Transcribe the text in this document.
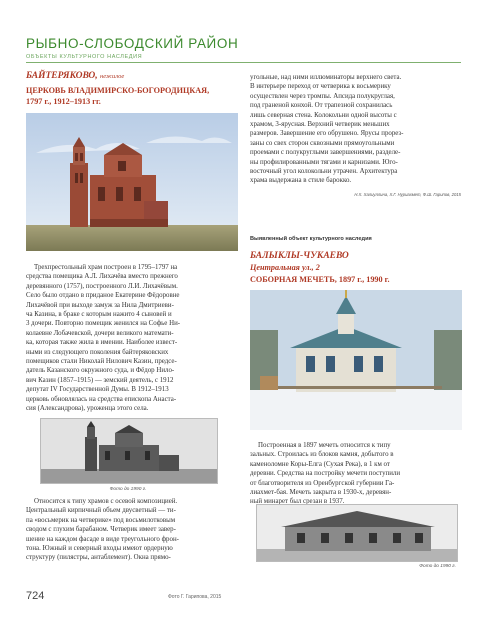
РЫБНО-СЛОБОДСКИЙ РАЙОН
ОБЪЕКТЫ КУЛЬТУРНОГО НАСЛЕДИЯ
БАЙТЕРЯКОВО, нежилое
ЦЕРКОВЬ ВЛАДИМИРСКО-БОГОРОДИЦКАЯ,
1797 г., 1912–1913 гг.
угольные, над ними иллюминаторы верхнего света.
В интерьере переход от четверика к восьмерику
осуществлен через тромпы. Апсида полукруглая,
под граненой конхой. От трапезной сохранилась
лишь северная стена. Колокольни одной высоты с
храмом, 3-ярусная. Верхний четверик меньших
размеров. Завершение его обрушено. Ярусы прорез-
заны со свех сторон сквозными прямоугольными
проемами с полукруглыми завершениями, разделе-
ны профилированными тягами и карнизами. Юго-
восточный угол колокольни утрачен. Архитектура
храма выдержана в стиле барокко.
Н.Х. Халиуллина, Х.Г. Нуриахмет, Ф.Ш. Гарипов, 2015
Выявленный объект культурного наследия
Трехпрестольный храм построен в 1795–1797 на
средства помещика А.Л. Лихачёва вместо прежнего
деревянного (1757), построенного Л.И. Лихачёвым.
Село было отдано в приданое Екатерине Фёдоровне
Лихачёвой при выходе замуж за Нила Дмитриеви-
ча Казина, в браке с которым нажито 4 сыновей и
3 дочери. Повторно помещик женился на Софье Ни-
колаевне Лобачевской, дочери великого математи-
ка, которая также жила в имении. Наиболее извест-
ными из следующего поколения байтеряковских
помещиков стали Николай Нилович Казин, предсе-
датель Казанского окружного суда, и Фёдор Нило-
вич Казин (1857–1915) — земский деятель, с 1912
депутат IV Государственной Думы. В 1912–1913
церковь обновлялась на средства епископа Анаста-
сия (Александрова), уроженца этого села.
Фото до 1990 г.
Относится к типу храмов с осевой композицией.
Центральный кирпичный объем двусветный — ти-
па «восьмерик на четверике» под восьмилотковым
сводом с глухим барабаном. Четверик имеет завер-
шение на каждом фасаде в виде треугольного фрон-
тона. Южный и северный входы имеют ордерную
структуру (пилястры, антаблемент). Окна прямо-
БАЛЫКЛЫ-ЧУКАЕВО
Центральная ул., 2
СОБОРНАЯ МЕЧЕТЬ, 1897 г., 1990 г.
Построенная в 1897 мечеть относится к типу
зальных. Строилась из блоков камня, добытого в
каменоломне Коры-Елга (Сухая Река), в 1 км от
деревни. Средства на постройку мечети поступили
от благотворителя из Оренбургской губернии Га-
лиахмет-бая. Мечеть закрыта в 1930-х, деревян-
ный минарет был срезан в 1937.
Фото до 1990 г.
724	Фото Г. Гарипова, 2015
